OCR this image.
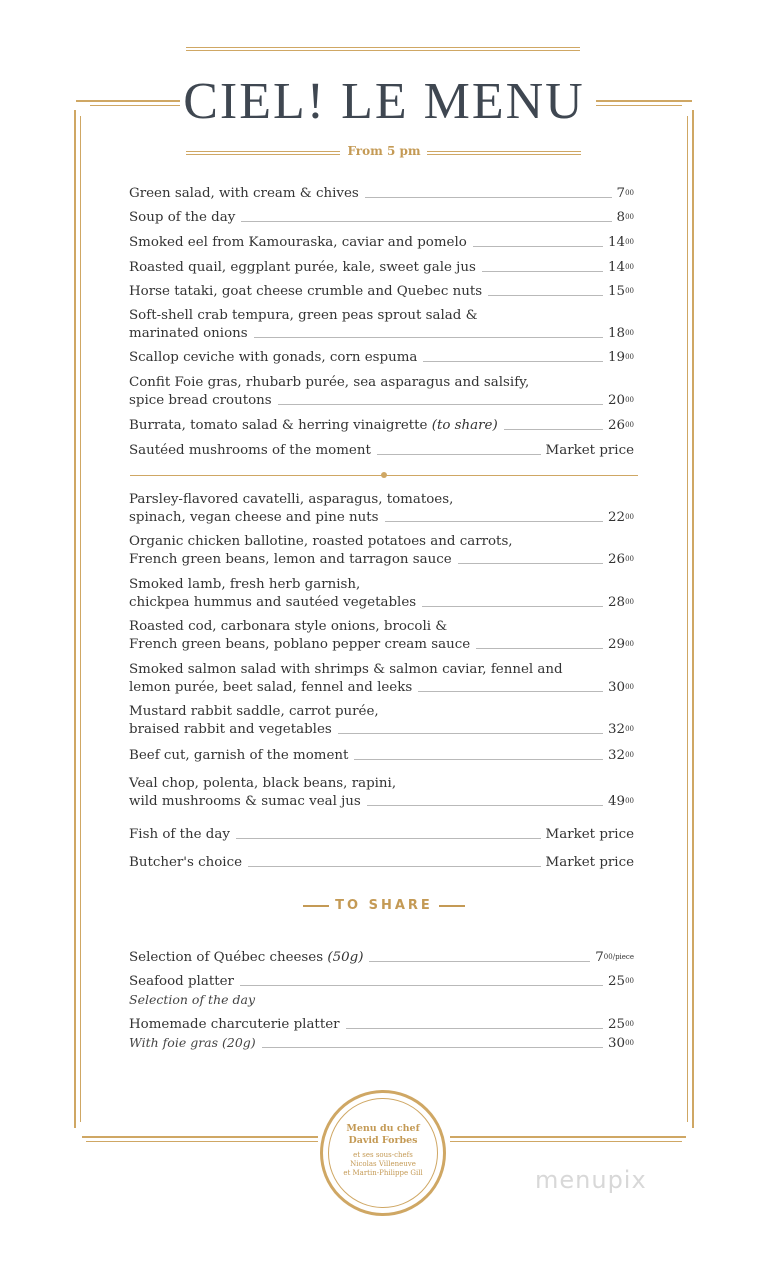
CIEL! LE MENU
From 5 pm
TO SHARE
Menu du chef
David Forbes
et ses sous-chefs
Nicolas Villeneuve
et Martin-Philippe Gill	menupix
Green salad, with cream & chives	$7^{00}$
Soup of the day	$8^{00}$
Smoked eel from Kamouraska, caviar and pomelo	$14^{00}$
Roasted quail, eggplant purée, kale, sweet gale jus	$14^{00}$
Horse tataki, goat cheese crumble and Quebec nuts	$15^{00}$
Soft-shell crab tempura, green peas sprout salad &
marinated onions	$18^{00}$
Scallop ceviche with gonads, corn espuma	$19^{00}$
Confit Foie gras, rhubarb purée, sea asparagus and salsify,
spice bread croutons	$20^{00}$
Burrata, tomato salad & herring vinaigrette (to share)	$26^{00}$
Sautéed mushrooms of the moment	Market price
Parsley-flavored cavatelli, asparagus, tomatoes,
spinach, vegan cheese and pine nuts	$22^{00}$
Organic chicken ballotine, roasted potatoes and carrots,
French green beans, lemon and tarragon sauce	$26^{00}$
Smoked lamb, fresh herb garnish,
chickpea hummus and sautéed vegetables	$28^{00}$
Roasted cod, carbonara style onions, brocoli &
French green beans, poblano pepper cream sauce	$29^{00}$
Smoked salmon salad with shrimps & salmon caviar, fennel and
lemon purée, beet salad, fennel and leeks	$30^{00}$
Mustard rabbit saddle, carrot purée,
braised rabbit and vegetables	$32^{00}$
Beef cut, garnish of the moment	$32^{00}$
Veal chop, polenta, black beans, rapini,
wild mushrooms & sumac veal jus	$49^{00}$
Fish of the day	Market price
Butcher's choice	Market price
Selection of Québec cheeses (50g)	$7^{00/piece}$
Seafood platter	$25^{00}$
Selection of the day
Homemade charcuterie platter	$25^{00}$
With foie gras (20g)	$30^{00}$
